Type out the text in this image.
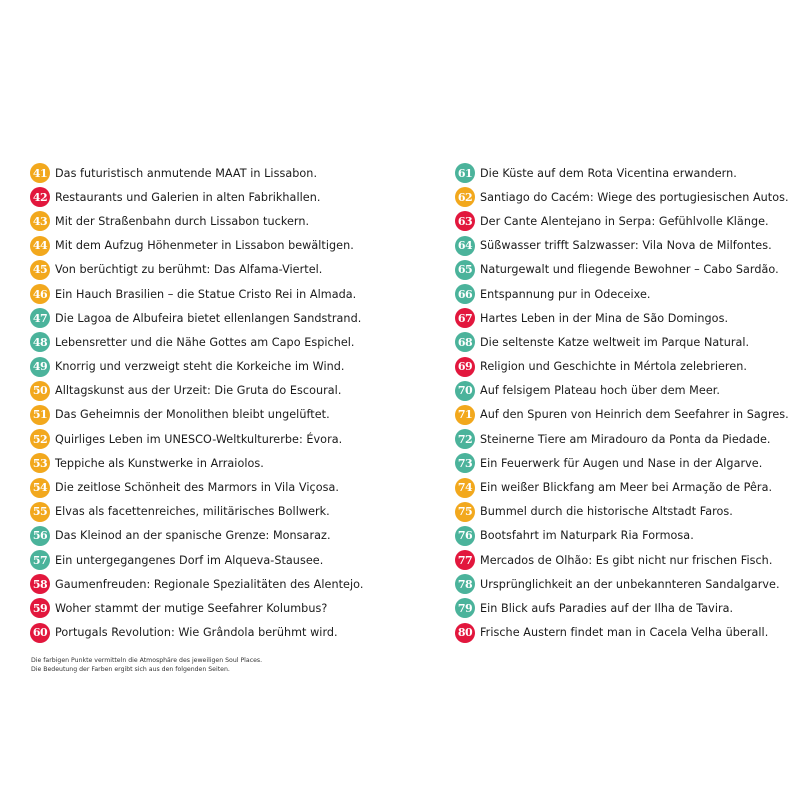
41 Das futuristisch anmutende MAAT in Lissabon.
42 Restaurants und Galerien in alten Fabrikhallen.
43 Mit der Straßenbahn durch Lissabon tuckern.
44 Mit dem Aufzug Höhenmeter in Lissabon bewältigen.
45 Von berüchtigt zu berühmt: Das Alfama-Viertel.
46 Ein Hauch Brasilien – die Statue Cristo Rei in Almada.
47 Die Lagoa de Albufeira bietet ellenlangen Sandstrand.
48 Lebensretter und die Nähe Gottes am Capo Espichel.
49 Knorrig und verzweigt steht die Korkeiche im Wind.
50 Alltagskunst aus der Urzeit: Die Gruta do Escoural.
51 Das Geheimnis der Monolithen bleibt ungelüftet.
52 Quirliges Leben im UNESCO-Weltkulturerbe: Évora.
53 Teppiche als Kunstwerke in Arraiolos.
54 Die zeitlose Schönheit des Marmors in Vila Viçosa.
55 Elvas als facettenreiches, militärisches Bollwerk.
56 Das Kleinod an der spanische Grenze: Monsaraz.
57 Ein untergegangenes Dorf im Alqueva-Stausee.
58 Gaumenfreuden: Regionale Spezialitäten des Alentejo.
59 Woher stammt der mutige Seefahrer Kolumbus?
60 Portugals Revolution: Wie Grândola berühmt wird.
61 Die Küste auf dem Rota Vicentina erwandern.
62 Santiago do Cacém: Wiege des portugiesischen Autos.
63 Der Cante Alentejano in Serpa: Gefühlvolle Klänge.
64 Süßwasser trifft Salzwasser: Vila Nova de Milfontes.
65 Naturgewalt und fliegende Bewohner – Cabo Sardão.
66 Entspannung pur in Odeceixe.
67 Hartes Leben in der Mina de São Domingos.
68 Die seltenste Katze weltweit im Parque Natural.
69 Religion und Geschichte in Mértola zelebrieren.
70 Auf felsigem Plateau hoch über dem Meer.
71 Auf den Spuren von Heinrich dem Seefahrer in Sagres.
72 Steinerne Tiere am Miradouro da Ponta da Piedade.
73 Ein Feuerwerk für Augen und Nase in der Algarve.
74 Ein weißer Blickfang am Meer bei Armação de Pêra.
75 Bummel durch die historische Altstadt Faros.
76 Bootsfahrt im Naturpark Ria Formosa.
77 Mercados de Olhão: Es gibt nicht nur frischen Fisch.
78 Ursprünglichkeit an der unbekannteren Sandalgarve.
79 Ein Blick aufs Paradies auf der Ilha de Tavira.
80 Frische Austern findet man in Cacela Velha überall.
Die farbigen Punkte vermitteln die Atmosphäre des jeweiligen Soul Places.
Die Bedeutung der Farben ergibt sich aus den folgenden Seiten.
